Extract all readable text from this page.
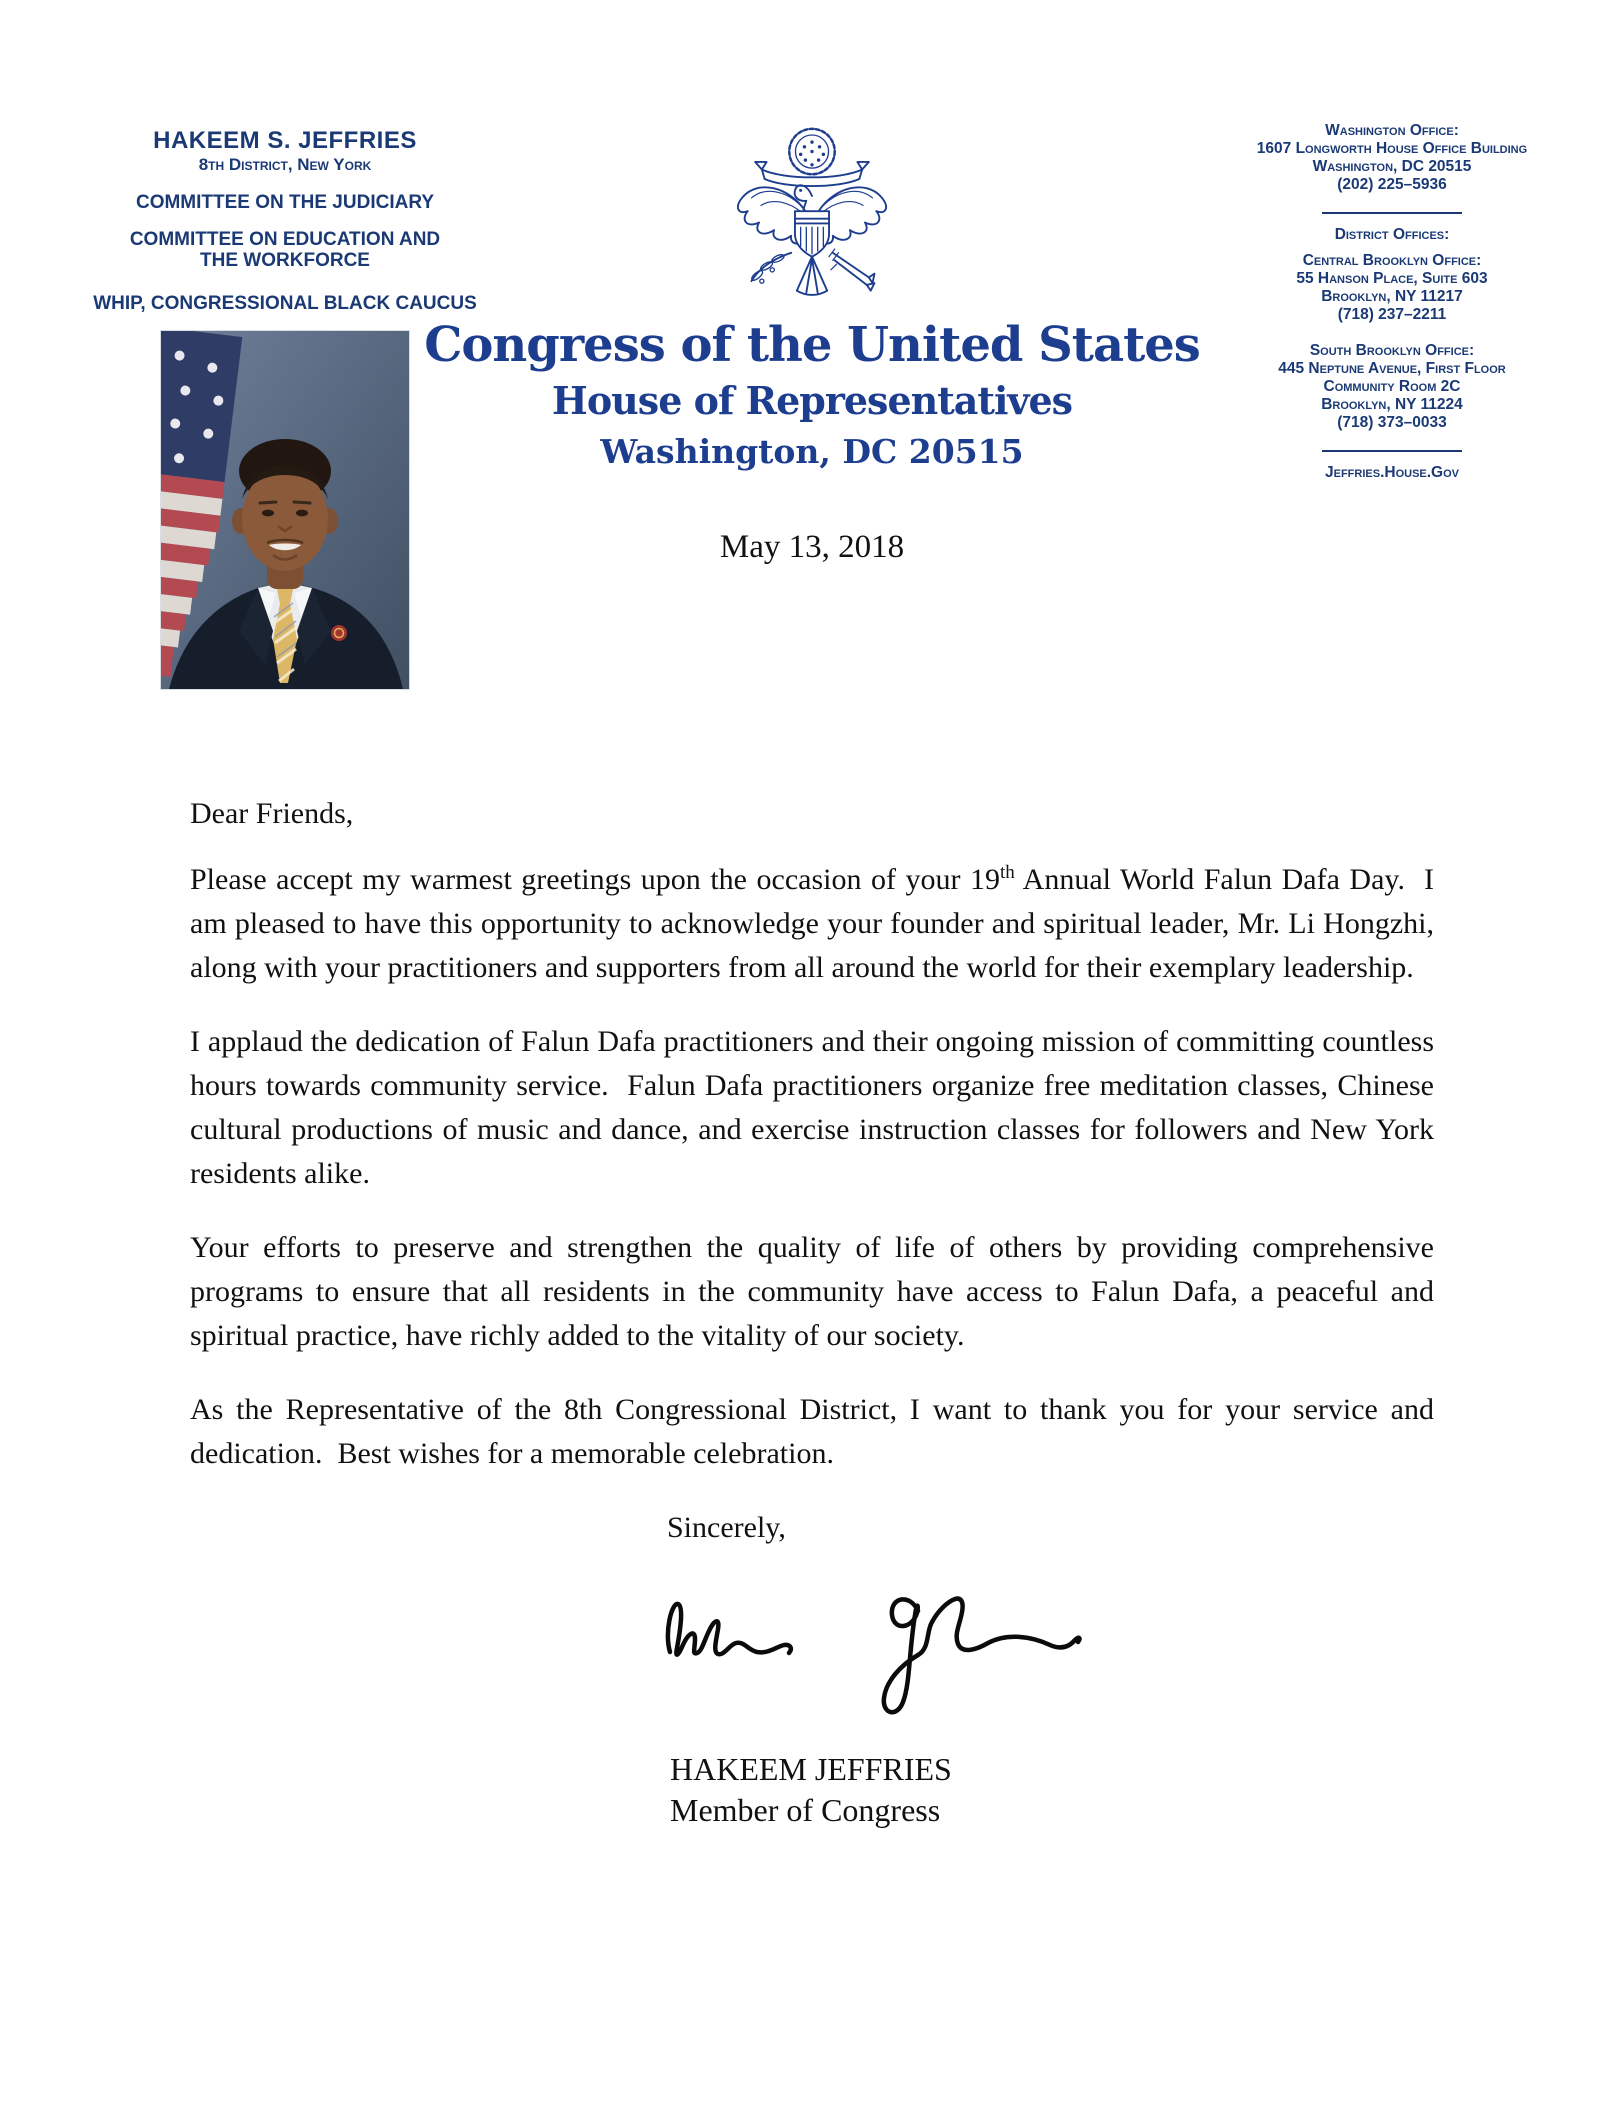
HAKEEM S. JEFFRIES
8th District, New York
COMMITTEE ON THE JUDICIARY
COMMITTEE ON EDUCATION AND
THE WORKFORCE
WHIP, CONGRESSIONAL BLACK CAUCUS
Congress of the United States
House of Representatives
Washington, DC 20515
Washington Office:
1607 Longworth House Office Building
Washington, DC 20515
(202) 225–5936
District Offices:
Central Brooklyn Office:
55 Hanson Place, Suite 603
Brooklyn, NY 11217
(718) 237–2211
South Brooklyn Office:
445 Neptune Avenue, First Floor
Community Room 2C
Brooklyn, NY 11224
(718) 373–0033
Jeffries.House.Gov
May 13, 2018

Dear Friends,

Please accept my warmest greetings upon the occasion of your 19th Annual World Falun Dafa Day.  I am pleased to have this opportunity to acknowledge your founder and spiritual leader, Mr. Li Hongzhi, along with your practitioners and supporters from all around the world for their exemplary leadership.

I applaud the dedication of Falun Dafa practitioners and their ongoing mission of committing countless hours towards community service.  Falun Dafa practitioners organize free meditation classes, Chinese cultural productions of music and dance, and exercise instruction classes for followers and New York residents alike.

Your efforts to preserve and strengthen the quality of life of others by providing comprehensive programs to ensure that all residents in the community have access to Falun Dafa, a peaceful and spiritual practice, have richly added to the vitality of our society.

As the Representative of the 8th Congressional District, I want to thank you for your service and dedication.  Best wishes for a memorable celebration.

Sincerely,

HAKEEM JEFFRIES
Member of Congress
